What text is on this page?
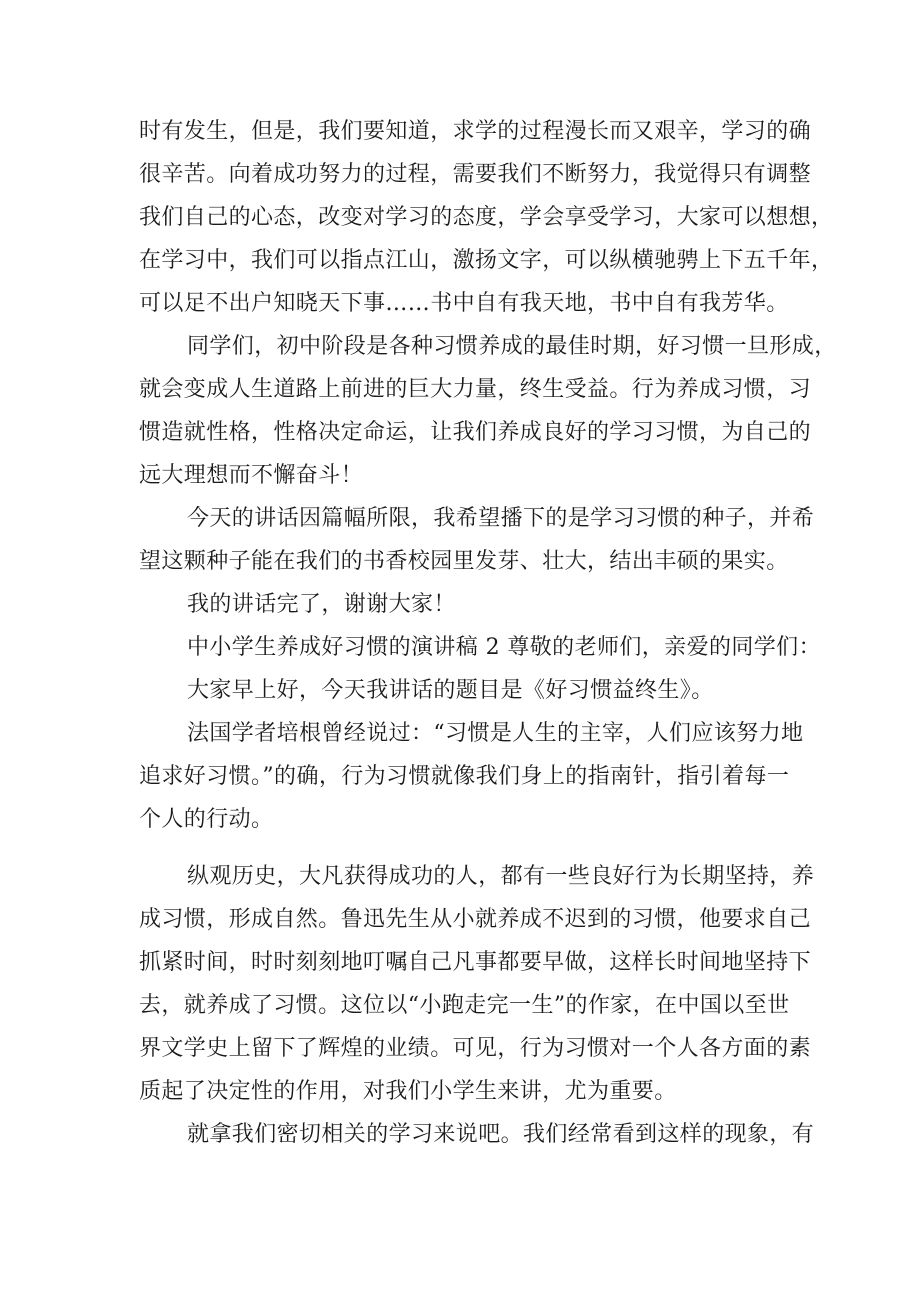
时有发生，但是，我们要知道，求学的过程漫长而又艰辛，学习的确
很辛苦。向着成功努力的过程，需要我们不断努力，我觉得只有调整
我们自己的心态，改变对学习的态度，学会享受学习，大家可以想想，
在学习中，我们可以指点江山，激扬文字，可以纵横驰骋上下五千年，
可以足不出户知晓天下事……书中自有我天地，书中自有我芳华。
同学们，初中阶段是各种习惯养成的最佳时期，好习惯一旦形成，
就会变成人生道路上前进的巨大力量，终生受益。行为养成习惯，习
惯造就性格，性格决定命运，让我们养成良好的学习习惯，为自己的
远大理想而不懈奋斗！
今天的讲话因篇幅所限，我希望播下的是学习习惯的种子，并希
望这颗种子能在我们的书香校园里发芽、壮大，结出丰硕的果实。
我的讲话完了，谢谢大家！
中小学生养成好习惯的演讲稿 2 尊敬的老师们，亲爱的同学们：
大家早上好，今天我讲话的题目是《好习惯益终生》。
法国学者培根曾经说过：“习惯是人生的主宰，人们应该努力地
追求好习惯。”的确，行为习惯就像我们身上的指南针，指引着每一
个人的行动。
纵观历史，大凡获得成功的人，都有一些良好行为长期坚持，养
成习惯，形成自然。鲁迅先生从小就养成不迟到的习惯，他要求自己
抓紧时间，时时刻刻地叮嘱自己凡事都要早做，这样长时间地坚持下
去，就养成了习惯。这位以“小跑走完一生”的作家，在中国以至世
界文学史上留下了辉煌的业绩。可见，行为习惯对一个人各方面的素
质起了决定性的作用，对我们小学生来讲，尤为重要。
就拿我们密切相关的学习来说吧。我们经常看到这样的现象，有
